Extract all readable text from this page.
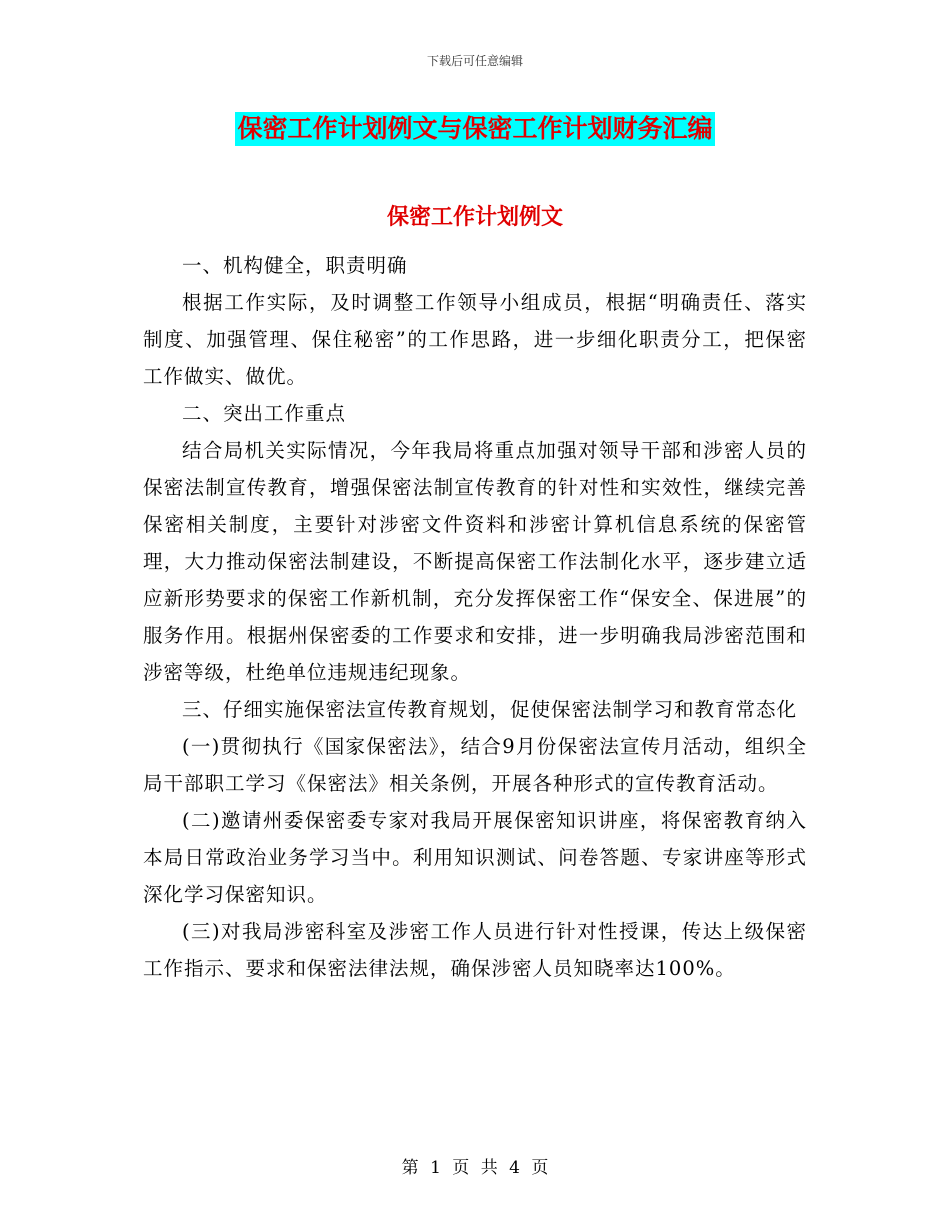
下载后可任意编辑
保密工作计划例文与保密工作计划财务汇编
保密工作计划例文

一、机构健全，职责明确

根据工作实际，及时调整工作领导小组成员，根据“明确责任、落实制度、加强管理、保住秘密”的工作思路，进一步细化职责分工，把保密工作做实、做优。

二、突出工作重点

结合局机关实际情况，今年我局将重点加强对领导干部和涉密人员的保密法制宣传教育，增强保密法制宣传教育的针对性和实效性，继续完善保密相关制度，主要针对涉密文件资料和涉密计算机信息系统的保密管理，大力推动保密法制建设，不断提高保密工作法制化水平，逐步建立适应新形势要求的保密工作新机制，充分发挥保密工作“保安全、保进展”的服务作用。根据州保密委的工作要求和安排，进一步明确我局涉密范围和涉密等级，杜绝单位违规违纪现象。

三、仔细实施保密法宣传教育规划，促使保密法制学习和教育常态化

(一)贯彻执行《国家保密法》，结合9月份保密法宣传月活动，组织全局干部职工学习《保密法》相关条例，开展各种形式的宣传教育活动。

(二)邀请州委保密委专家对我局开展保密知识讲座，将保密教育纳入本局日常政治业务学习当中。利用知识测试、问卷答题、专家讲座等形式深化学习保密知识。

(三)对我局涉密科室及涉密工作人员进行针对性授课，传达上级保密工作指示、要求和保密法律法规，确保涉密人员知晓率达100%。

第 1 页 共 4 页
